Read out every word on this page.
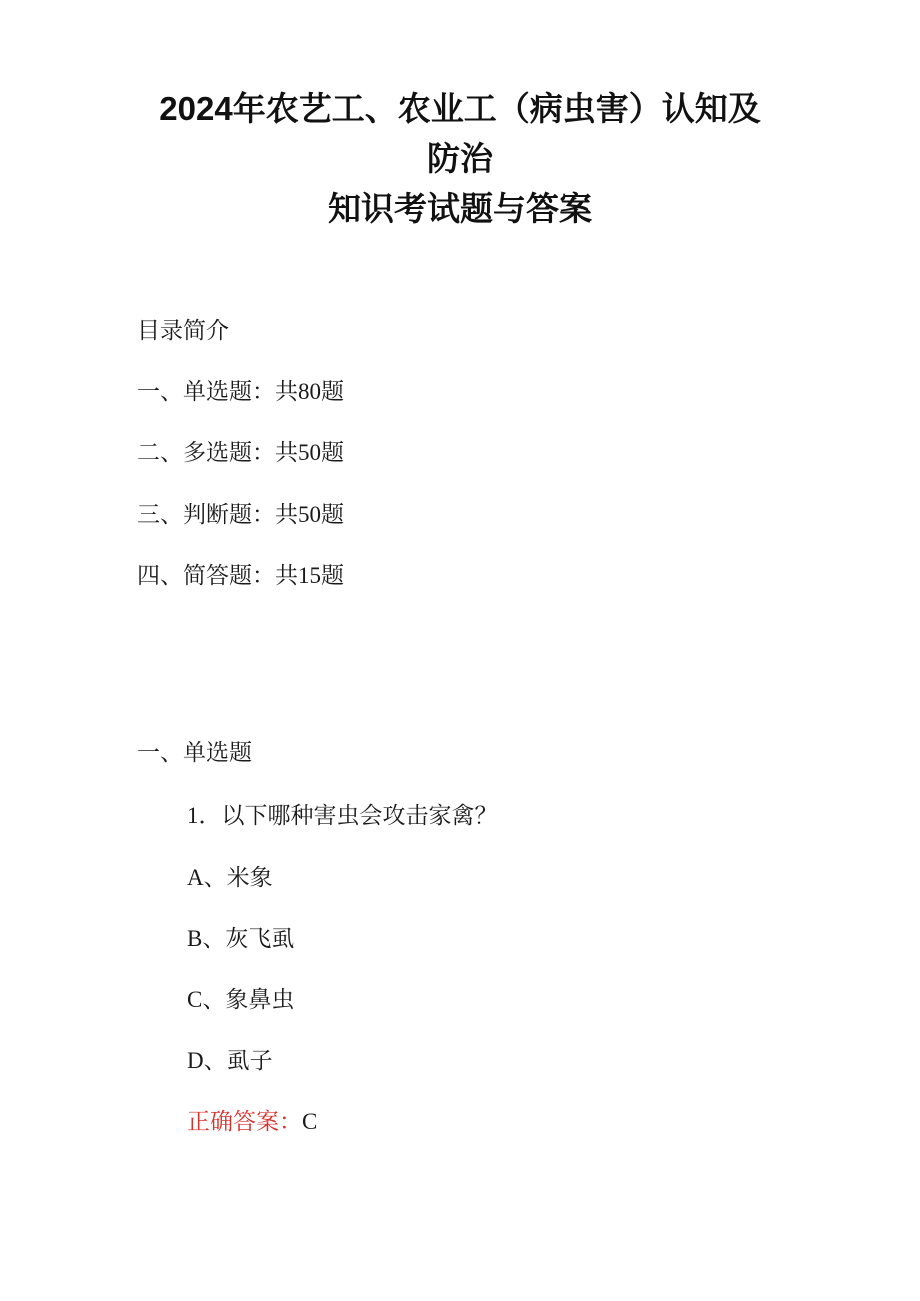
2024年农艺工、农业工（病虫害）认知及
防治
知识考试题与答案
目录简介
一、单选题：共80题
二、多选题：共50题
三、判断题：共50题
四、简答题：共15题
一、单选题
1．以下哪种害虫会攻击家禽？
A、米象
B、灰飞虱
C、象鼻虫
D、虱子
正确答案：C
